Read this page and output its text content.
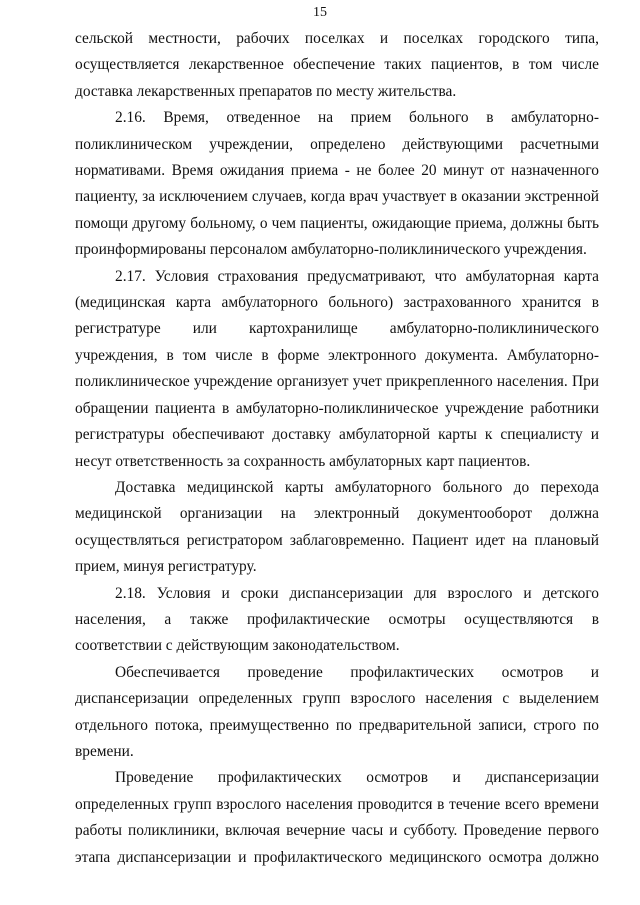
15

сельской местности, рабочих поселках и поселках городского типа, осуществляется лекарственное обеспечение таких пациентов, в том числе доставка лекарственных препаратов по месту жительства.

2.16. Время, отведенное на прием больного в амбулаторно-поликлиническом учреждении, определено действующими расчетными нормативами. Время ожидания приема - не более 20 минут от назначенного пациенту, за исключением случаев, когда врач участвует в оказании экстренной помощи другому больному, о чем пациенты, ожидающие приема, должны быть проинформированы персоналом амбулаторно-поликлинического учреждения.

2.17. Условия страхования предусматривают, что амбулаторная карта (медицинская карта амбулаторного больного) застрахованного хранится в регистратуре или картохранилище амбулаторно-поликлинического учреждения, в том числе в форме электронного документа. Амбулаторно-поликлиническое учреждение организует учет прикрепленного населения. При обращении пациента в амбулаторно-поликлиническое учреждение работники регистратуры обеспечивают доставку амбулаторной карты к специалисту и несут ответственность за сохранность амбулаторных карт пациентов.

Доставка медицинской карты амбулаторного больного до перехода медицинской организации на электронный документооборот должна осуществляться регистратором заблаговременно. Пациент идет на плановый прием, минуя регистратуру.

2.18. Условия и сроки диспансеризации для взрослого и детского населения, а также профилактические осмотры осуществляются в соответствии с действующим законодательством.

Обеспечивается проведение профилактических осмотров и диспансеризации определенных групп взрослого населения с выделением отдельного потока, преимущественно по предварительной записи, строго по времени.

Проведение профилактических осмотров и диспансеризации определенных групп взрослого населения проводится в течение всего времени работы поликлиники, включая вечерние часы и субботу. Проведение первого этапа диспансеризации и профилактического медицинского осмотра должно
